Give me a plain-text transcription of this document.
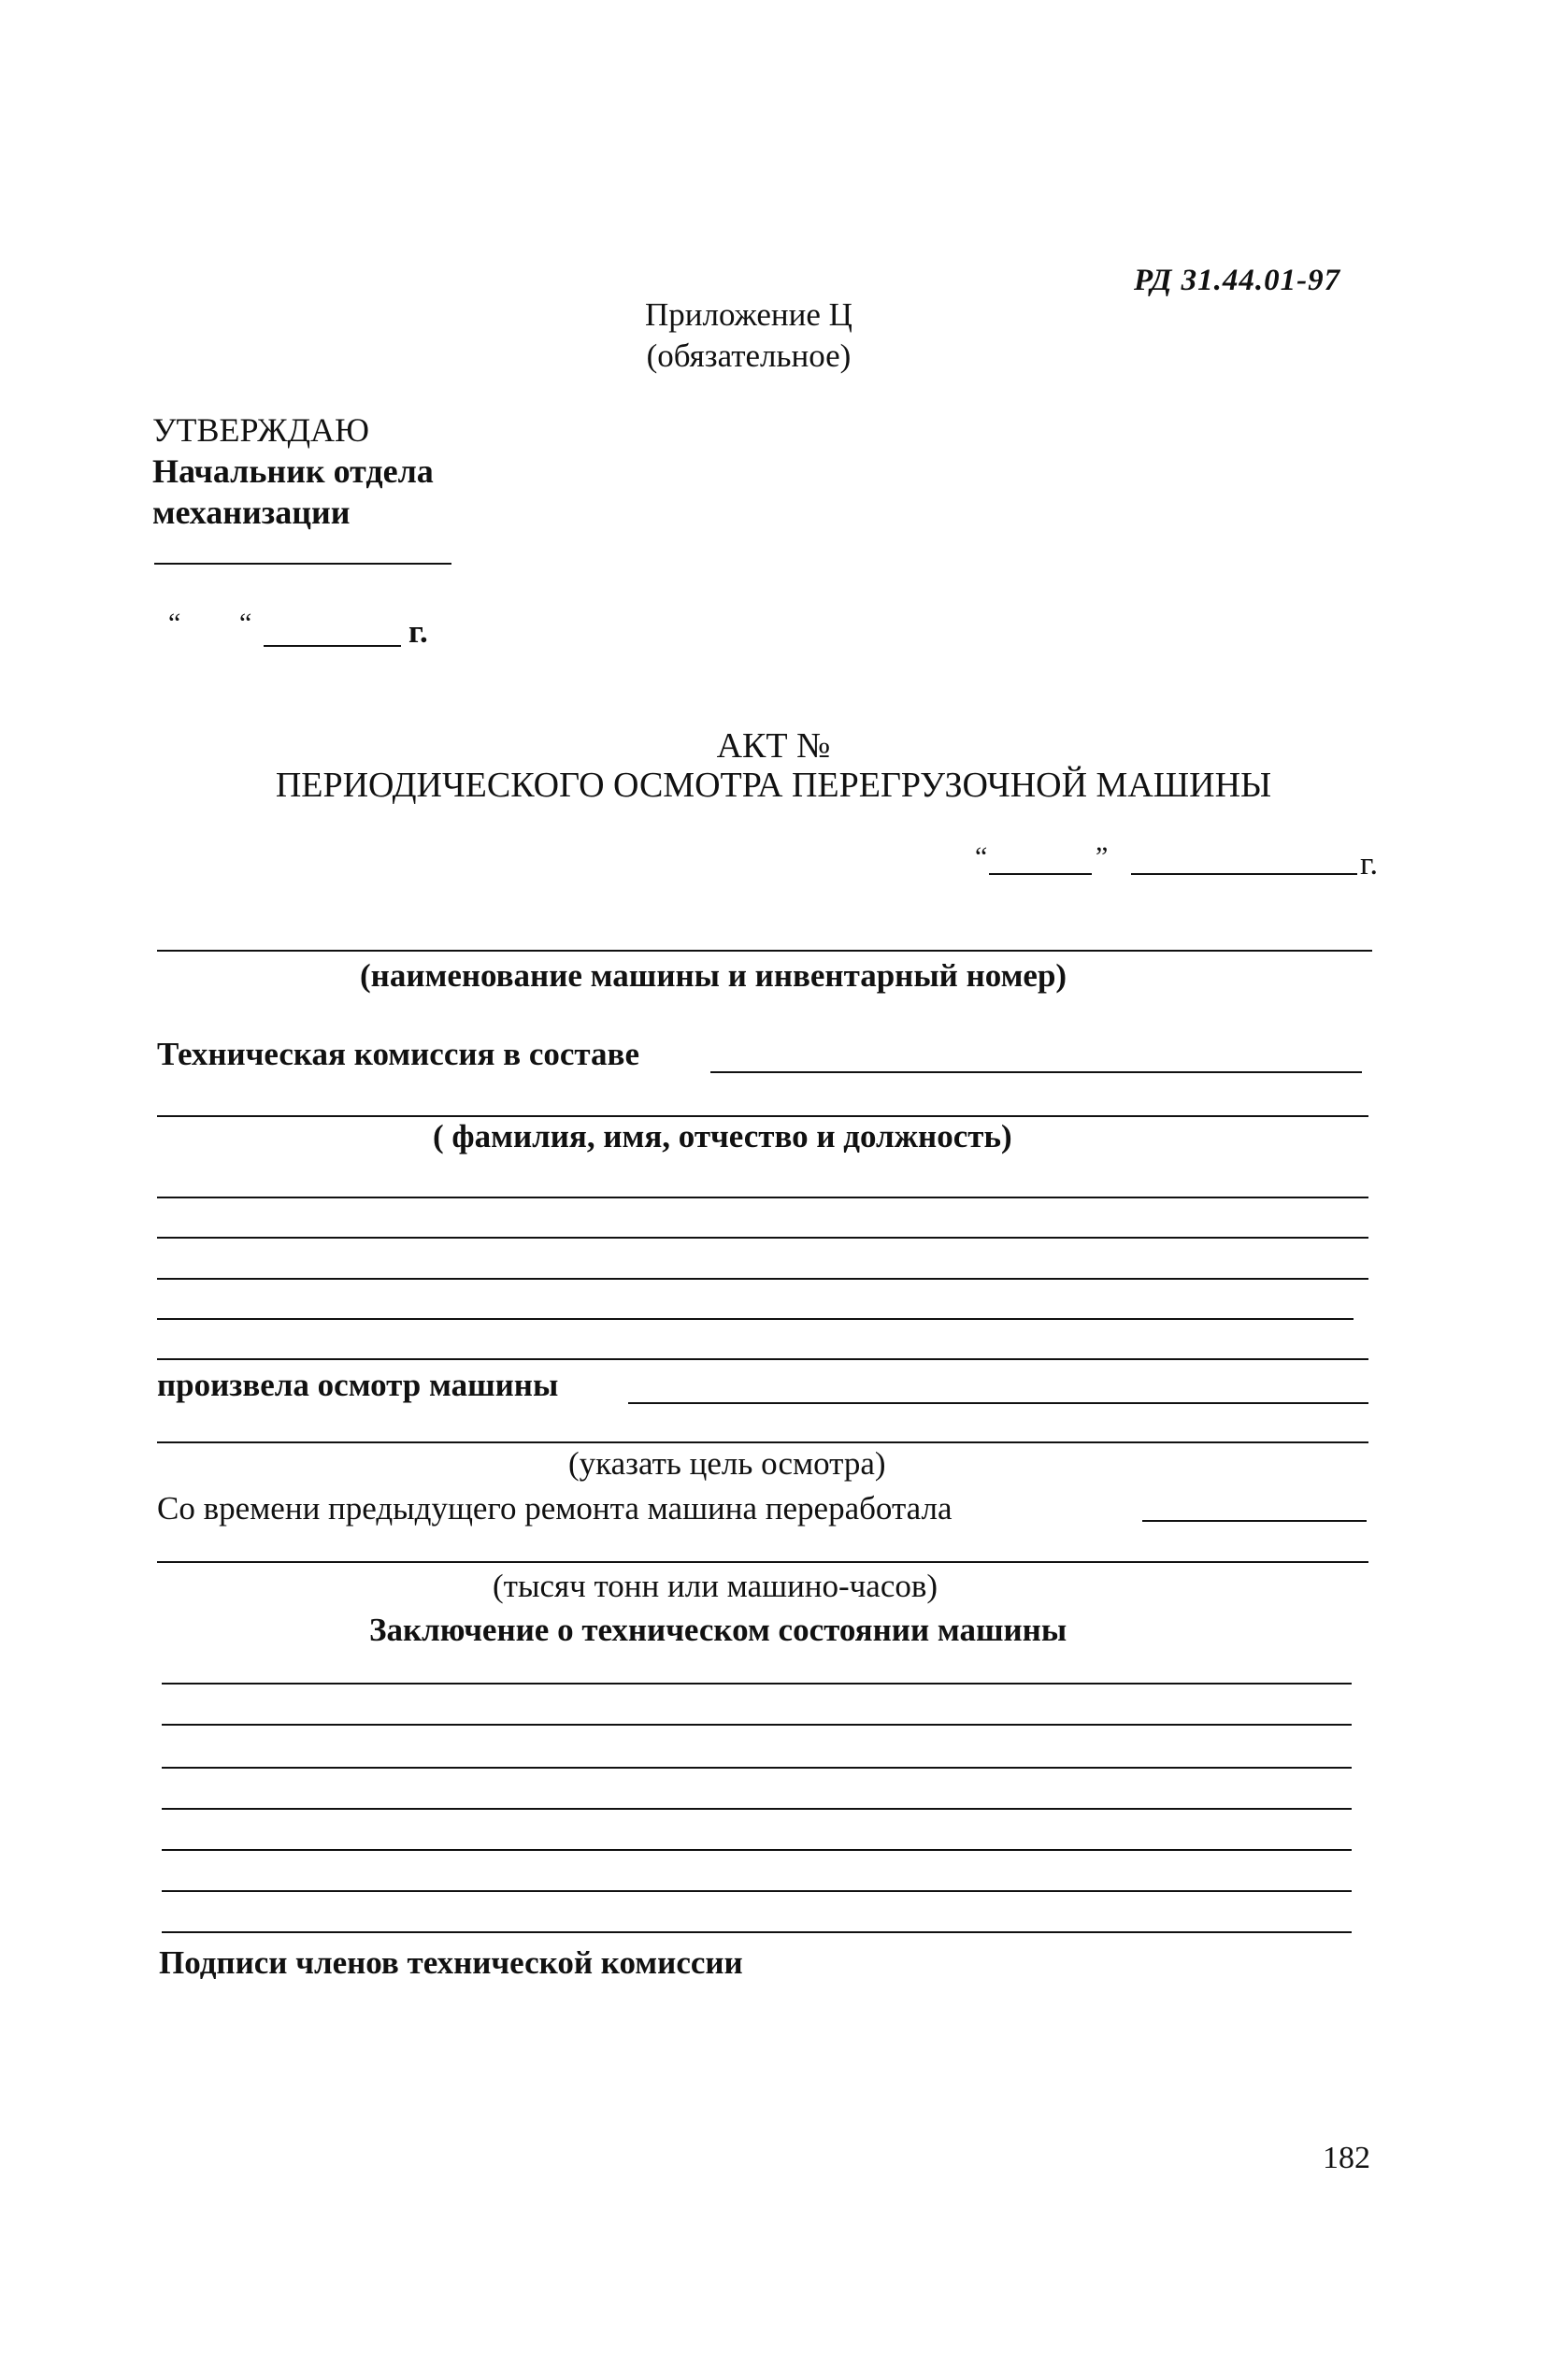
РД 31.44.01-97
Приложение Ц
(обязательное)
УТВЕРЖДАЮ
Начальник отдела
механизации
“ “	г.
АКТ №
ПЕРИОДИЧЕСКОГО ОСМОТРА ПЕРЕГРУЗОЧНОЙ МАШИНЫ
“	”	г.
(наименование машины и инвентарный номер)
Техническая комиссия в составе
( фамилия, имя, отчество и должность)
произвела осмотр машины
(указать цель осмотра)
Со времени предыдущего ремонта машина переработала
(тысяч тонн или машино-часов)
Заключение о техническом состоянии машины
Подписи членов технической комиссии
182
